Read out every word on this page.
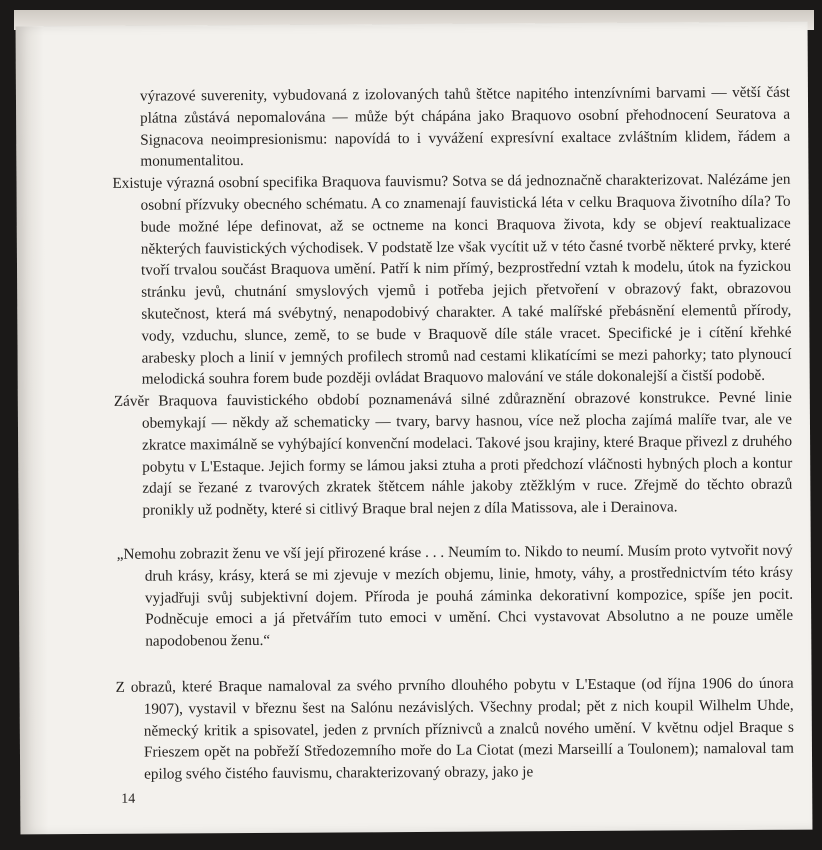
výrazové suverenity, vybudovaná z izolovaných tahů štětce napitého intenzívními barvami — větší část plátna zůstává nepomalována — může být chápána jako Braquovo osobní přehodnocení Seuratova a Signacova neoimpresionismu: napovídá to i vyvážení expresívní exaltace zvláštním klidem, řádem a monumentalitou.

Existuje výrazná osobní specifika Braquova fauvismu? Sotva se dá jednoznačně charakterizovat. Nalézáme jen osobní přízvuky obecného schématu. A co znamenají fauvistická léta v celku Braquova životního díla? To bude možné lépe definovat, až se octneme na konci Braquova života, kdy se objeví reaktualizace některých fauvistických východisek. V podstatě lze však vycítit už v této časné tvorbě některé prvky, které tvoří trvalou součást Braquova umění. Patří k nim přímý, bezprostřední vztah k modelu, útok na fyzickou stránku jevů, chutnání smyslových vjemů i potřeba jejich přetvoření v obrazový fakt, obrazovou skutečnost, která má svébytný, nenapodobivý charakter. A také malířské přebásnění elementů přírody, vody, vzduchu, slunce, země, to se bude v Braquově díle stále vracet. Specifické je i cítění křehké arabesky ploch a linií v jemných profilech stromů nad cestami klikatícími se mezi pahorky; tato plynoucí melodická souhra forem bude později ovládat Braquovo malování ve stále dokonalejší a čistší podobě.

Závěr Braquova fauvistického období poznamenává silné zdůraznění obrazové konstrukce. Pevné linie obemykají — někdy až schematicky — tvary, barvy hasnou, více než plocha zajímá malíře tvar, ale ve zkratce maximálně se vyhýbající konvenční modelaci. Takové jsou krajiny, které Braque přivezl z druhého pobytu v L'Estaque. Jejich formy se lámou jaksi ztuha a proti předchozí vláčnosti hybných ploch a kontur zdají se řezané z tvarových zkratek štětcem náhle jakoby ztěžklým v ruce. Zřejmě do těchto obrazů pronikly už podněty, které si citlivý Braque bral nejen z díla Matissova, ale i Derainova.

„Nemohu zobrazit ženu ve vší její přirozené kráse . . . Neumím to. Nikdo to neumí. Musím proto vytvořit nový druh krásy, krásy, která se mi zjevuje v mezích objemu, linie, hmoty, váhy, a prostřednictvím této krásy vyjadřuji svůj subjektivní dojem. Příroda je pouhá záminka dekorativní kompozice, spíše jen pocit. Podněcuje emoci a já přetvářím tuto emoci v umění. Chci vystavovat Absolutno a ne pouze uměle napodobenou ženu.“

Z obrazů, které Braque namaloval za svého prvního dlouhého pobytu v L'Estaque (od října 1906 do února 1907), vystavil v březnu šest na Salónu nezávislých. Všechny prodal; pět z nich koupil Wilhelm Uhde, německý kritik a spisovatel, jeden z prvních příznivců a znalců nového umění. V květnu odjel Braque s Frieszem opět na pobřeží Středozemního moře do La Ciotat (mezi Marseillí a Toulonem); namaloval tam epilog svého čistého fauvismu, charakterizovaný obrazy, jako je

14
